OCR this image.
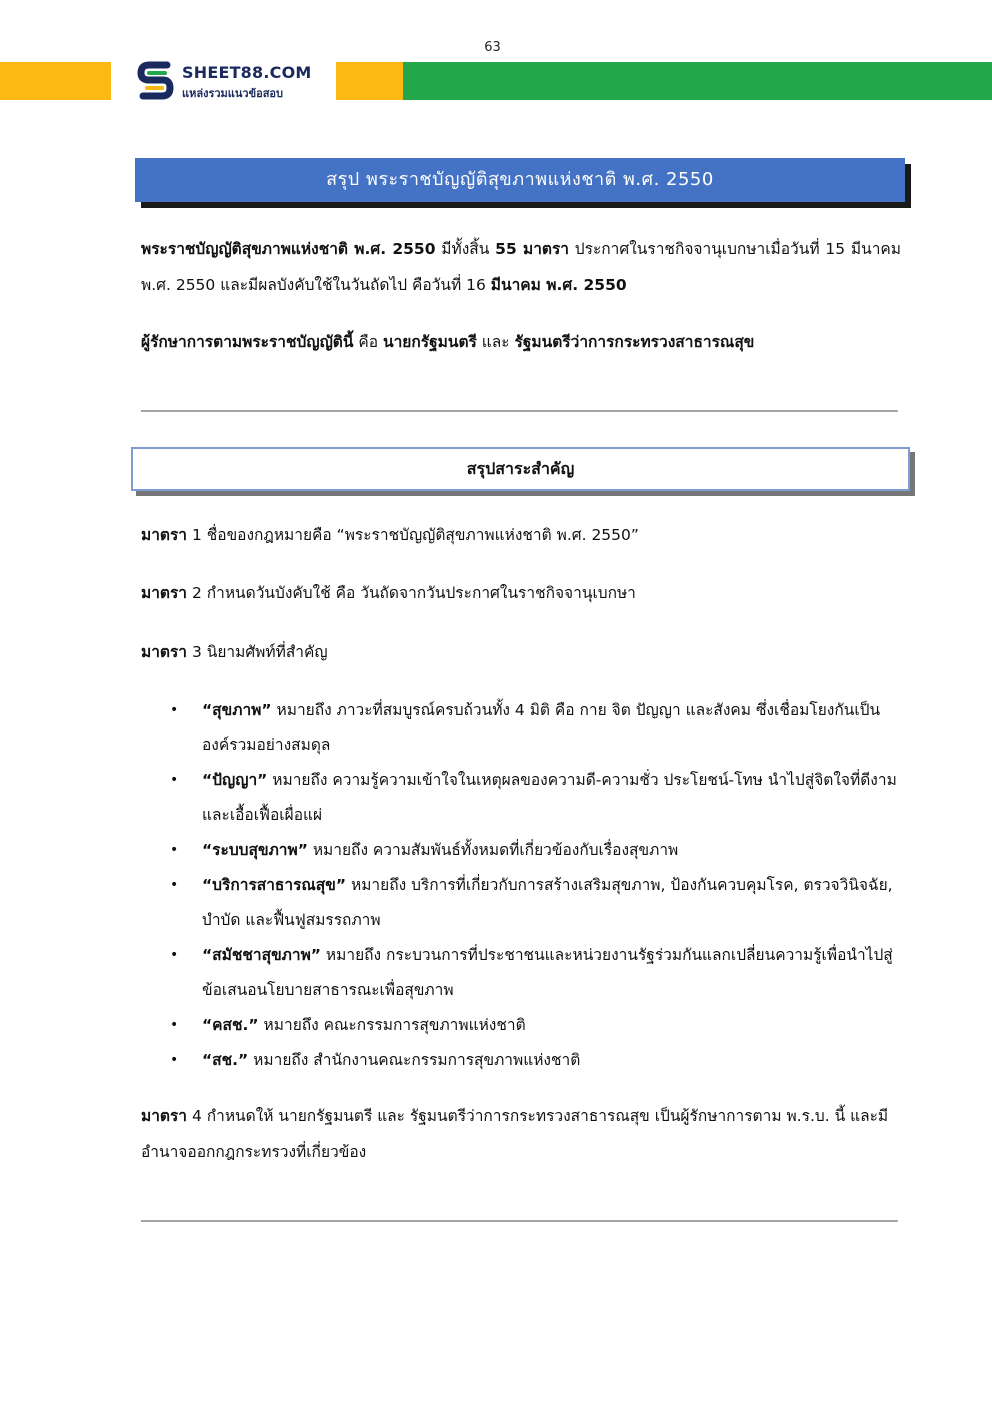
63
SHEET88.COM
แหล่งรวมแนวข้อสอบ
สรุป พระราชบัญญัติสุขภาพแห่งชาติ พ.ศ. 2550
พระราชบัญญัติสุขภาพแห่งชาติ พ.ศ. 2550 มีทั้งสิ้น 55 มาตรา ประกาศในราชกิจจานุเบกษาเมื่อวันที่ 15 มีนาคม พ.ศ. 2550 และมีผลบังคับใช้ในวันถัดไป คือวันที่ 16 มีนาคม พ.ศ. 2550
ผู้รักษาการตามพระราชบัญญัตินี้ คือ นายกรัฐมนตรี และ รัฐมนตรีว่าการกระทรวงสาธารณสุข
สรุปสาระสำคัญ
มาตรา 1 ชื่อของกฎหมายคือ “พระราชบัญญัติสุขภาพแห่งชาติ พ.ศ. 2550”
มาตรา 2 กำหนดวันบังคับใช้ คือ วันถัดจากวันประกาศในราชกิจจานุเบกษา
มาตรา 3 นิยามศัพท์ที่สำคัญ
• “สุขภาพ” หมายถึง ภาวะที่สมบูรณ์ครบถ้วนทั้ง 4 มิติ คือ กาย จิต ปัญญา และสังคม ซึ่งเชื่อมโยงกันเป็นองค์รวมอย่างสมดุล
• “ปัญญา” หมายถึง ความรู้ความเข้าใจในเหตุผลของความดี-ความชั่ว ประโยชน์-โทษ นำไปสู่จิตใจที่ดีงามและเอื้อเฟื้อเผื่อแผ่
• “ระบบสุขภาพ” หมายถึง ความสัมพันธ์ทั้งหมดที่เกี่ยวข้องกับเรื่องสุขภาพ
• “บริการสาธารณสุข” หมายถึง บริการที่เกี่ยวกับการสร้างเสริมสุขภาพ, ป้องกันควบคุมโรค, ตรวจวินิจฉัย, บำบัด และฟื้นฟูสมรรถภาพ
• “สมัชชาสุขภาพ” หมายถึง กระบวนการที่ประชาชนและหน่วยงานรัฐร่วมกันแลกเปลี่ยนความรู้เพื่อนำไปสู่ข้อเสนอนโยบายสาธารณะเพื่อสุขภาพ
• “คสช.” หมายถึง คณะกรรมการสุขภาพแห่งชาติ
• “สช.” หมายถึง สำนักงานคณะกรรมการสุขภาพแห่งชาติ
มาตรา 4 กำหนดให้ นายกรัฐมนตรี และ รัฐมนตรีว่าการกระทรวงสาธารณสุข เป็นผู้รักษาการตาม พ.ร.บ. นี้ และมีอำนาจออกกฎกระทรวงที่เกี่ยวข้อง
